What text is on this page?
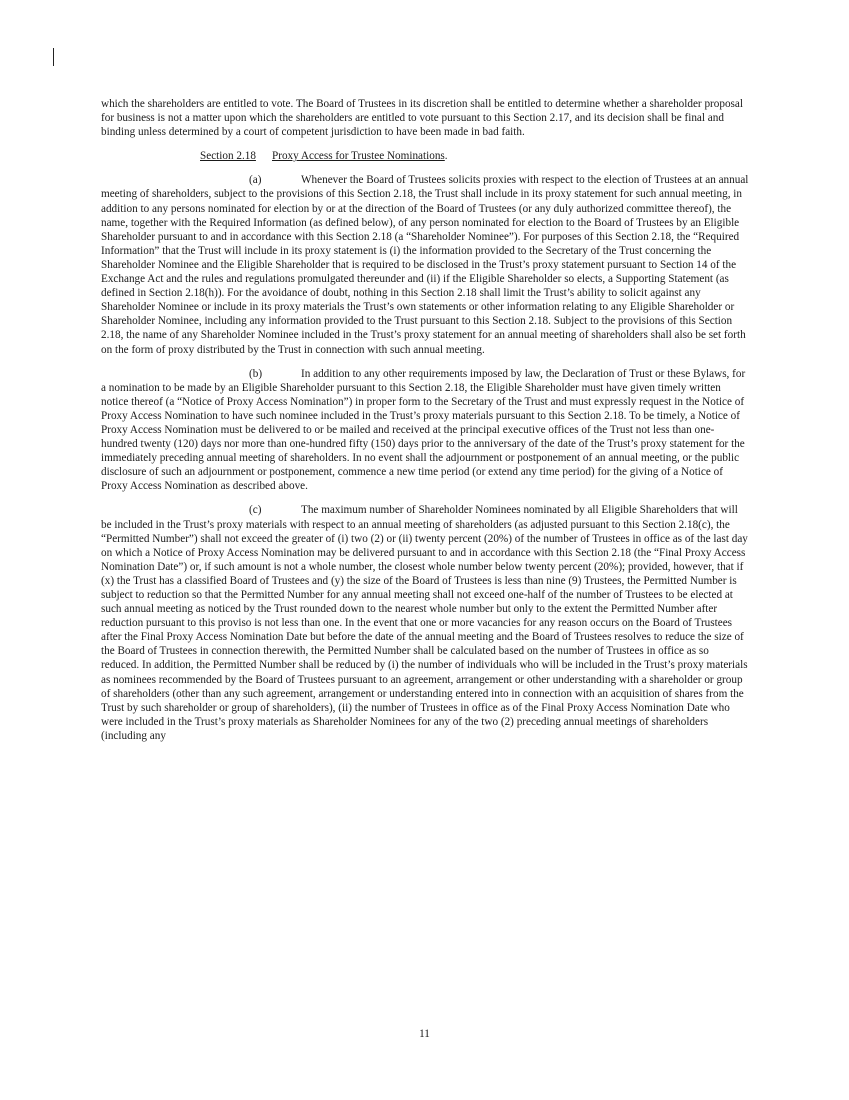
which the shareholders are entitled to vote. The Board of Trustees in its discretion shall be entitled to determine whether a shareholder proposal for business is not a matter upon which the shareholders are entitled to vote pursuant to this Section 2.17, and its decision shall be final and binding unless determined by a court of competent jurisdiction to have been made in bad faith.

Section 2.18 Proxy Access for Trustee Nominations.

(a)	Whenever the Board of Trustees solicits proxies with respect to the election of Trustees at an annual meeting of shareholders, subject to the provisions of this Section 2.18, the Trust shall include in its proxy statement for such annual meeting, in addition to any persons nominated for election by or at the direction of the Board of Trustees (or any duly authorized committee thereof), the name, together with the Required Information (as defined below), of any person nominated for election to the Board of Trustees by an Eligible Shareholder pursuant to and in accordance with this Section 2.18 (a “Shareholder Nominee”). For purposes of this Section 2.18, the “Required Information” that the Trust will include in its proxy statement is (i) the information provided to the Secretary of the Trust concerning the Shareholder Nominee and the Eligible Shareholder that is required to be disclosed in the Trust’s proxy statement pursuant to Section 14 of the Exchange Act and the rules and regulations promulgated thereunder and (ii) if the Eligible Shareholder so elects, a Supporting Statement (as defined in Section 2.18(h)). For the avoidance of doubt, nothing in this Section 2.18 shall limit the Trust’s ability to solicit against any Shareholder Nominee or include in its proxy materials the Trust’s own statements or other information relating to any Eligible Shareholder or Shareholder Nominee, including any information provided to the Trust pursuant to this Section 2.18. Subject to the provisions of this Section 2.18, the name of any Shareholder Nominee included in the Trust’s proxy statement for an annual meeting of shareholders shall also be set forth on the form of proxy distributed by the Trust in connection with such annual meeting.

(b)	In addition to any other requirements imposed by law, the Declaration of Trust or these Bylaws, for a nomination to be made by an Eligible Shareholder pursuant to this Section 2.18, the Eligible Shareholder must have given timely written notice thereof (a “Notice of Proxy Access Nomination”) in proper form to the Secretary of the Trust and must expressly request in the Notice of Proxy Access Nomination to have such nominee included in the Trust’s proxy materials pursuant to this Section 2.18. To be timely, a Notice of Proxy Access Nomination must be delivered to or be mailed and received at the principal executive offices of the Trust not less than one-hundred twenty (120) days nor more than one-hundred fifty (150) days prior to the anniversary of the date of the Trust’s proxy statement for the immediately preceding annual meeting of shareholders. In no event shall the adjournment or postponement of an annual meeting, or the public disclosure of such an adjournment or postponement, commence a new time period (or extend any time period) for the giving of a Notice of Proxy Access Nomination as described above.

(c)	The maximum number of Shareholder Nominees nominated by all Eligible Shareholders that will be included in the Trust’s proxy materials with respect to an annual meeting of shareholders (as adjusted pursuant to this Section 2.18(c), the “Permitted Number”) shall not exceed the greater of (i) two (2) or (ii) twenty percent (20%) of the number of Trustees in office as of the last day on which a Notice of Proxy Access Nomination may be delivered pursuant to and in accordance with this Section 2.18 (the “Final Proxy Access Nomination Date”) or, if such amount is not a whole number, the closest whole number below twenty percent (20%); provided, however, that if (x) the Trust has a classified Board of Trustees and (y) the size of the Board of Trustees is less than nine (9) Trustees, the Permitted Number is subject to reduction so that the Permitted Number for any annual meeting shall not exceed one-half of the number of Trustees to be elected at such annual meeting as noticed by the Trust rounded down to the nearest whole number but only to the extent the Permitted Number after reduction pursuant to this proviso is not less than one. In the event that one or more vacancies for any reason occurs on the Board of Trustees after the Final Proxy Access Nomination Date but before the date of the annual meeting and the Board of Trustees resolves to reduce the size of the Board of Trustees in connection therewith, the Permitted Number shall be calculated based on the number of Trustees in office as so reduced. In addition, the Permitted Number shall be reduced by (i) the number of individuals who will be included in the Trust’s proxy materials as nominees recommended by the Board of Trustees pursuant to an agreement, arrangement or other understanding with a shareholder or group of shareholders (other than any such agreement, arrangement or understanding entered into in connection with an acquisition of shares from the Trust by such shareholder or group of shareholders), (ii) the number of Trustees in office as of the Final Proxy Access Nomination Date who were included in the Trust’s proxy materials as Shareholder Nominees for any of the two (2) preceding annual meetings of shareholders (including any

11
